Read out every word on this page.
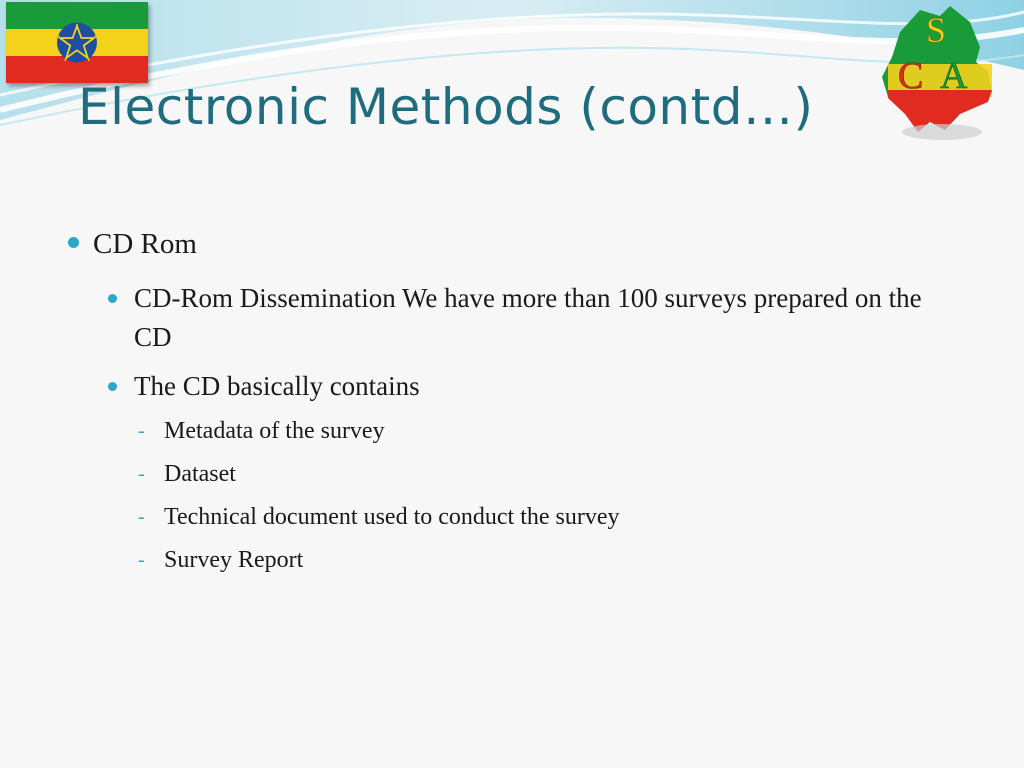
S
C A
Electronic Methods (contd…)
CD Rom
CD-Rom Dissemination We have more than 100 surveys prepared on the CD
The CD basically contains
- Metadata of the survey
- Dataset
- Technical document used to conduct the survey
- Survey Report
